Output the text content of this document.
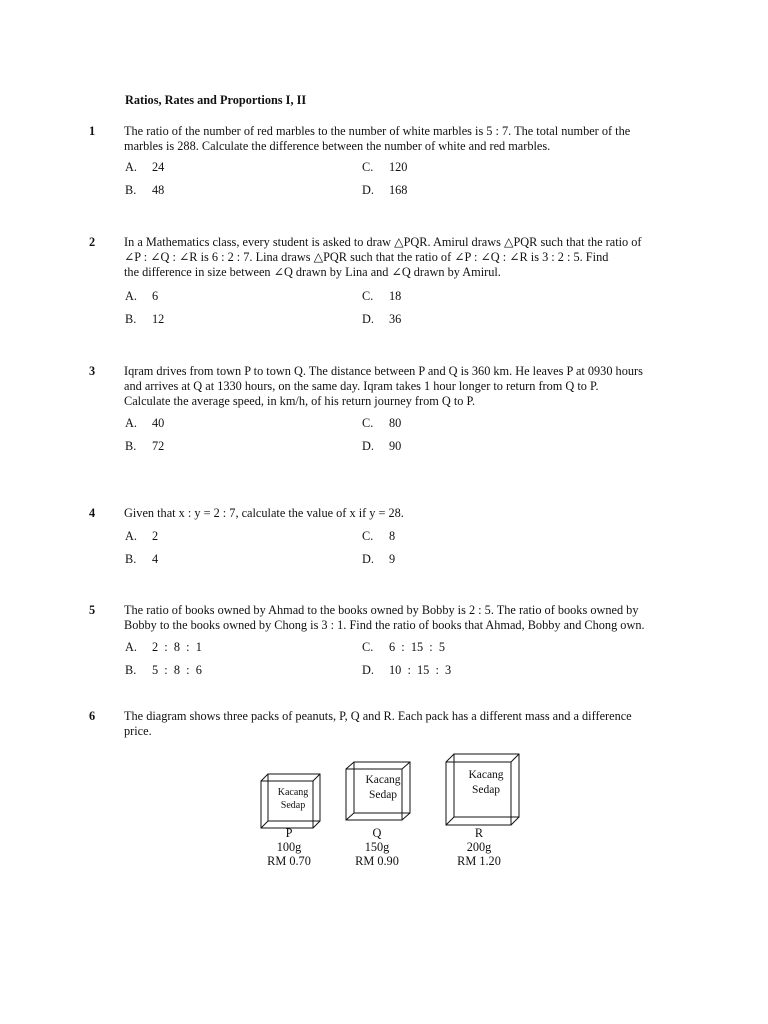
Ratios, Rates and Proportions I, II
1 The ratio of the number of red marbles to the number of white marbles is 5 : 7. The total number of the
marbles is 288. Calculate the difference between the number of white and red marbles.
A. 24
B. 48
C. 120
D. 168
2 In a Mathematics class, every student is asked to draw △PQR. Amirul draws △PQR such that the ratio of
∠P : ∠Q : ∠R is 6 : 2 : 7. Lina draws △PQR such that the ratio of ∠P : ∠Q : ∠R is 3 : 2 : 5. Find
the difference in size between ∠Q drawn by Lina and ∠Q drawn by Amirul.
A. 6
B. 12
C. 18
D. 36
3 Iqram drives from town P to town Q. The distance between P and Q is 360 km. He leaves P at 0930 hours
and arrives at Q at 1330 hours, on the same day. Iqram takes 1 hour longer to return from Q to P.
Calculate the average speed, in km/h, of his return journey from Q to P.
A. 40
B. 72
C. 80
D. 90
4 Given that x : y = 2 : 7, calculate the value of x if y = 28.
A. 2
B. 4
C. 8
D. 9
5 The ratio of books owned by Ahmad to the books owned by Bobby is 2 : 5. The ratio of books owned by
Bobby to the books owned by Chong is 3 : 1. Find the ratio of books that Ahmad, Bobby and Chong own.
A. 2  :  8  :  1
B. 5  :  8  :  6
C. 6  :  15  :  5
D. 10  :  15  :  3
6 The diagram shows three packs of peanuts, P, Q and R. Each pack has a different mass and a difference
price.
Kacang
Sedap
Kacang
Sedap
Kacang
Sedap
P
100g
RM 0.70
Q
150g
RM 0.90
R
200g
RM 1.20
